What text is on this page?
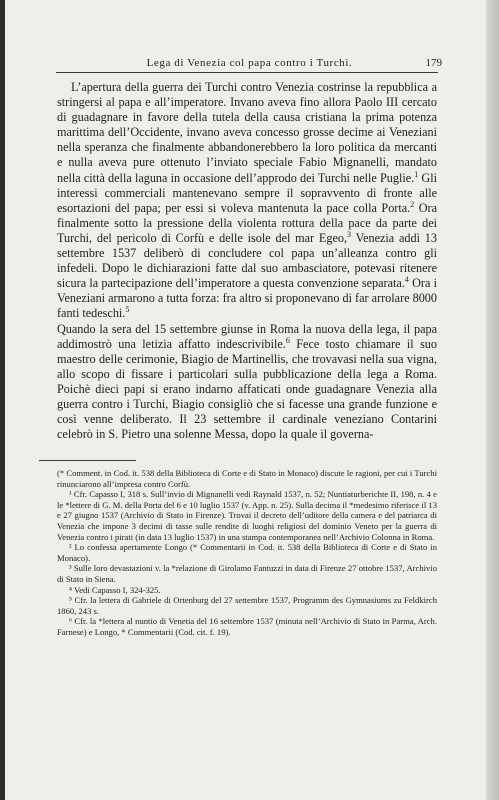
Lega di Venezia col papa contro i Turchi.	179

L’apertura della guerra dei Turchi contro Venezia costrinse la repubblica a stringersi al papa e all’imperatore. Invano aveva fino allora Paolo III cercato di guadagnare in favore della tutela della causa cristiana la prima potenza marittima dell’Occidente, invano aveva concesso grosse decime ai Veneziani nella speranza che finalmente abbandonerebbero la loro politica da mercanti e nulla aveva pure ottenuto l’inviato speciale Fabio Mignanelli, mandato nella città della laguna in occasione dell’approdo dei Turchi nelle Puglie.$^1$ Gli interessi commerciali mantenevano sempre il sopravvento di fronte alle esortazioni del papa; per essi si voleva mantenuta la pace colla Porta.$^2$ Ora finalmente sotto la pressione della violenta rottura della pace da parte dei Turchi, del pericolo di Corfù e delle isole del mar Egeo,$^3$ Venezia addì 13 settembre 1537 deliberò di concludere col papa un’alleanza contro gli infedeli. Dopo le dichiarazioni fatte dal suo ambasciatore, potevasi ritenere sicura la partecipazione dell’imperatore a questa convenzione separata.$^4$ Ora i Veneziani armarono a tutta forza: fra altro si proponevano di far arrolare 8000 fanti tedeschi.$^5$

Quando la sera del 15 settembre giunse in Roma la nuova della lega, il papa addimostrò una letizia affatto indescrivibile.$^6$ Fece tosto chiamare il suo maestro delle cerimonie, Biagio de Martinellis, che trovavasi nella sua vigna, allo scopo di fissare i particolari sulla pubblicazione della lega a Roma. Poichè dieci papi si erano indarno affaticati onde guadagnare Venezia alla guerra contro i Turchi, Biagio consigliò che si facesse una grande funzione e così venne deliberato. Il 23 settembre il cardinale veneziano Contarini celebrò in S. Pietro una solenne Messa, dopo la quale il governa-

(* Comment. in Cod. it. 538 della Biblioteca di Corte e di Stato in Monaco) discute le ragioni, per cui i Turchi rinunciarono all’impresa contro Corfù.

¹ Cfr. Capasso I, 318 s. Sull’invio di Mignanelli vedi Raynald 1537, n. 52; Nuntiaturberichte II, 198, n. 4 e le *lettere di G. M. della Porta del 6 e 10 luglio 1537 (v. App. n. 25). Sulla decima il *medesimo riferisce il 13 e 27 giugno 1537 (Archivio di Stato in Firenze). Trovai il decreto dell’uditore della camera e del patriarca di Venezia che impone 3 decimi di tasse sulle rendite di luoghi religiosi del dominio Veneto per la guerra di Venezia contro i pirati (in data 13 luglio 1537) in una stampa contemporanea nell’Archivio Colonna in Roma.

² Lo confessa apertamente Longo (* Commentarii in Cod. it. 538 della Biblioteca di Corte e di Stato in Monaco).

³ Sulle loro devastazioni v. la *relazione di Girolamo Fantuzzi in data di Firenze 27 ottobre 1537, Archivio di Stato in Siena.

⁴ Vedi Capasso I, 324-325.

⁵ Cfr. la lettera di Gabriele di Ortenburg del 27 settembre 1537, Programm des Gymnasiums zu Feldkirch 1860, 243 s.

⁶ Cfr. la *lettera al nuntio di Venetia del 16 settembre 1537 (minuta nell’Archivio di Stato in Parma, Arch. Farnese) e Longo, * Commentarii (Cod. cit. f. 19).
